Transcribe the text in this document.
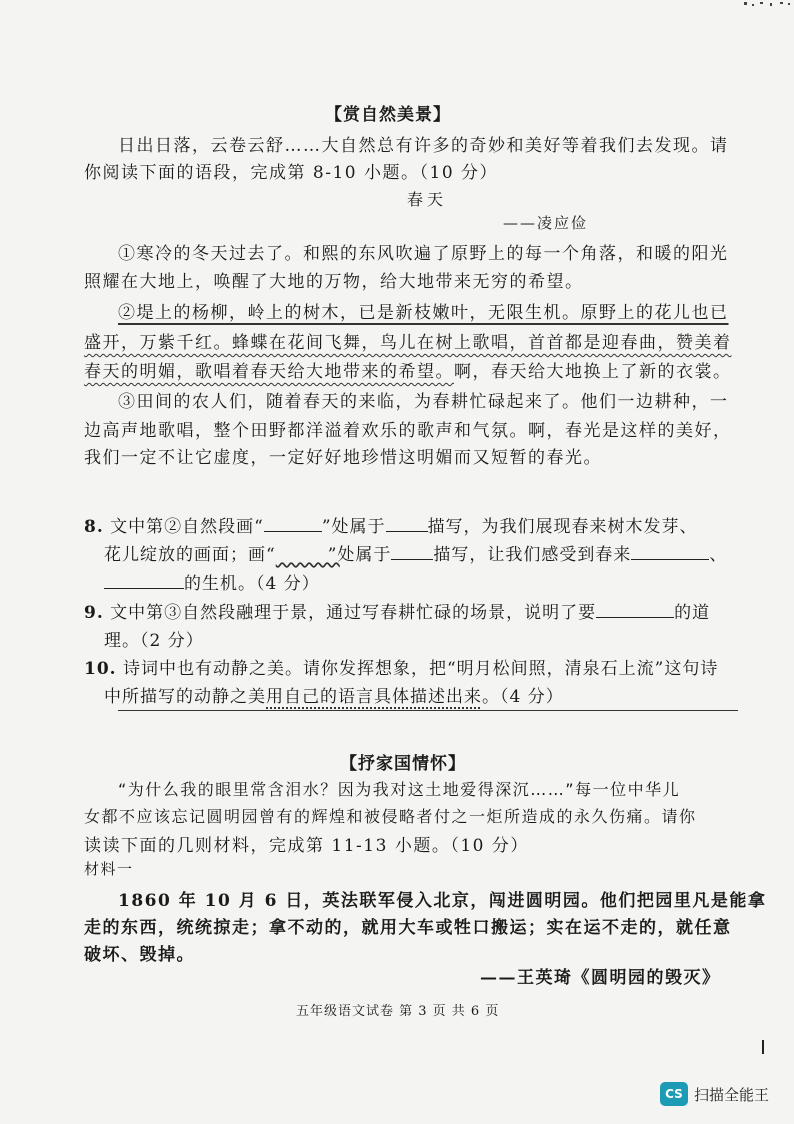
【赏自然美景】
日出日落，云卷云舒……大自然总有许多的奇妙和美好等着我们去发现。请
你阅读下面的语段，完成第 8-10 小题。（10 分）
春天
——凌应俭
①寒冷的冬天过去了。和熙的东风吹遍了原野上的每一个角落，和暖的阳光
照耀在大地上，唤醒了大地的万物，给大地带来无穷的希望。
②堤上的杨柳，岭上的树木，已是新枝嫩叶，无限生机。原野上的花儿也已
盛开，万紫千红。蜂蝶在花间飞舞，鸟儿在树上歌唱，首首都是迎春曲，赞美着
春天的明媚，歌唱着春天给大地带来的希望。啊，春天给大地换上了新的衣裳。
③田间的农人们，随着春天的来临，为春耕忙碌起来了。他们一边耕种，一
边高声地歌唱，整个田野都洋溢着欢乐的歌声和气氛。啊，春光是这样的美好，
我们一定不让它虚度，一定好好地珍惜这明媚而又短暂的春光。
8. 文中第②自然段画“	”处属于 描写，为我们展现春来树木发芽、
花儿绽放的画面；画“	”处属于 描写，让我们感受到春来	、
的生机。（4 分）
9. 文中第③自然段融理于景，通过写春耕忙碌的场景，说明了要	的道
理。（2 分）
10. 诗词中也有动静之美。请你发挥想象，把“明月松间照，清泉石上流”这句诗
中所描写的动静之美用自己的语言具体描述出来。（4 分）
【抒家国情怀】
“为什么我的眼里常含泪水？因为我对这土地爱得深沉……”每一位中华儿
女都不应该忘记圆明园曾有的辉煌和被侵略者付之一炬所造成的永久伤痛。请你
读读下面的几则材料，完成第 11-13 小题。（10 分）
材料一
1860 年 10 月 6 日，英法联军侵入北京，闯进圆明园。他们把园里凡是能拿
走的东西，统统掠走；拿不动的，就用大车或牲口搬运；实在运不走的，就任意
破坏、毁掉。
——王英琦《圆明园的毁灭》
五年级语文试卷 第 3 页 共 6 页
CS 扫描全能王
